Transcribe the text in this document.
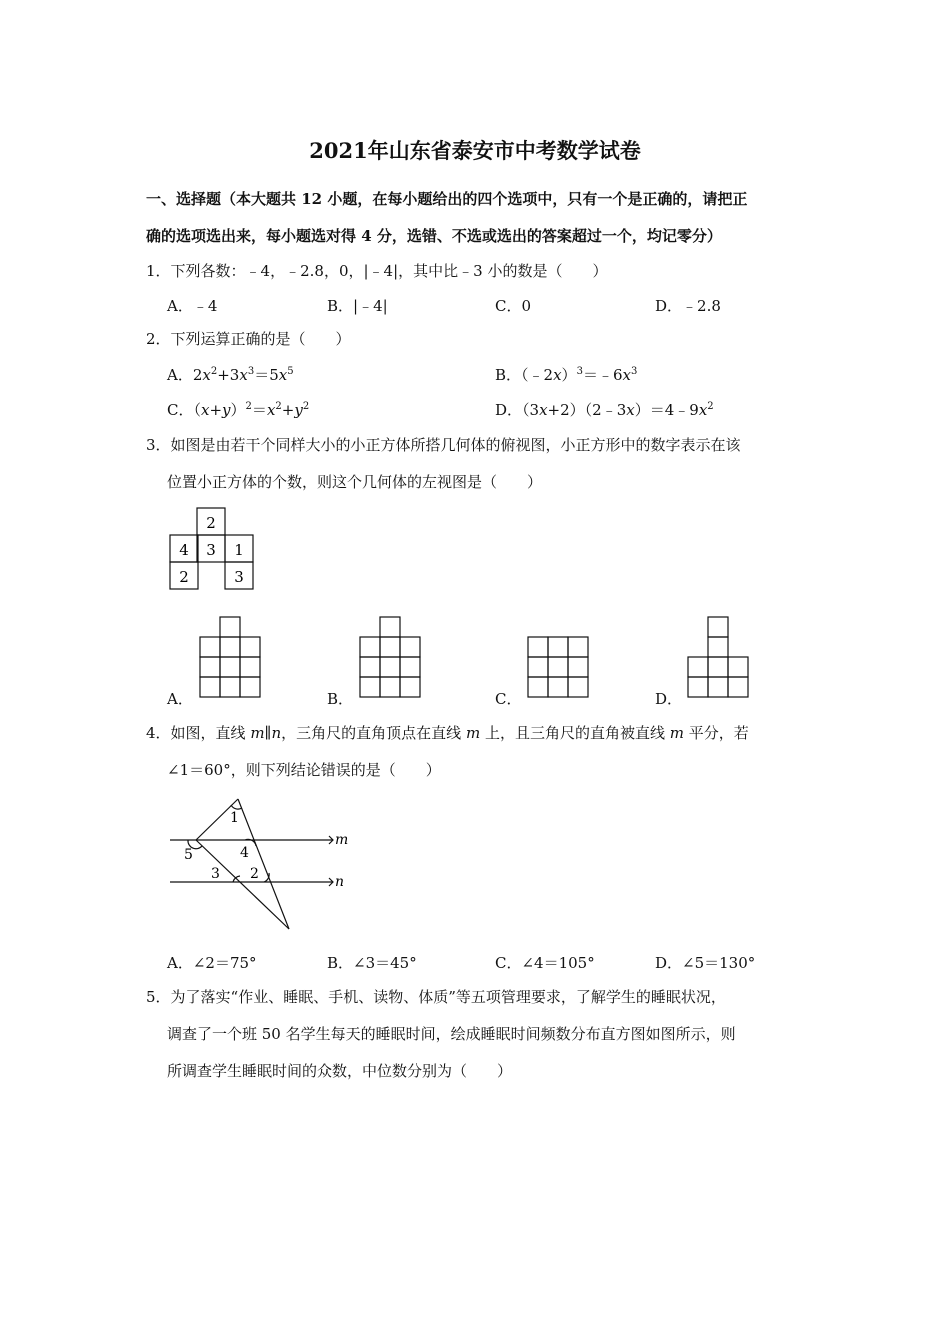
2021年山东省泰安市中考数学试卷
一、选择题（本大题共 12 小题，在每小题给出的四个选项中，只有一个是正确的，请把正
确的选项选出来，每小题选对得 4 分，选错、不选或选出的答案超过一个，均记零分）
1．下列各数：﹣4，﹣2.8，0，|﹣4|，其中比﹣3 小的数是（　　）
A．﹣4	B．|﹣4|	C．0	D．﹣2.8
2．下列运算正确的是（　　）
A．$2x^2+3x^3=5x^5$	B．$(﹣2x)^3=﹣6x^3$
C．$(x+y)^2=x^2+y^2$	D．$(3x+2)(2﹣3x)=4﹣9x^2$
3．如图是由若干个同样大小的小正方体所搭几何体的俯视图，小正方形中的数字表示在该
位置小正方体的个数，则这个几何体的左视图是（　　）
2
4 3 1
2	3
A．	B．	C．	D．
4．如图，直线 m∥n，三角尺的直角顶点在直线 m 上，且三角尺的直角被直线 m 平分，若
∠1＝60°，则下列结论错误的是（　　）
1
4
5
3 2
m
n
A．∠2＝75°	B．∠3＝45°	C．∠4＝105°	D．∠5＝130°
5．为了落实“作业、睡眠、手机、读物、体质”等五项管理要求，了解学生的睡眠状况，
调查了一个班 50 名学生每天的睡眠时间，绘成睡眠时间频数分布直方图如图所示，则
所调查学生睡眠时间的众数，中位数分别为（　　）
